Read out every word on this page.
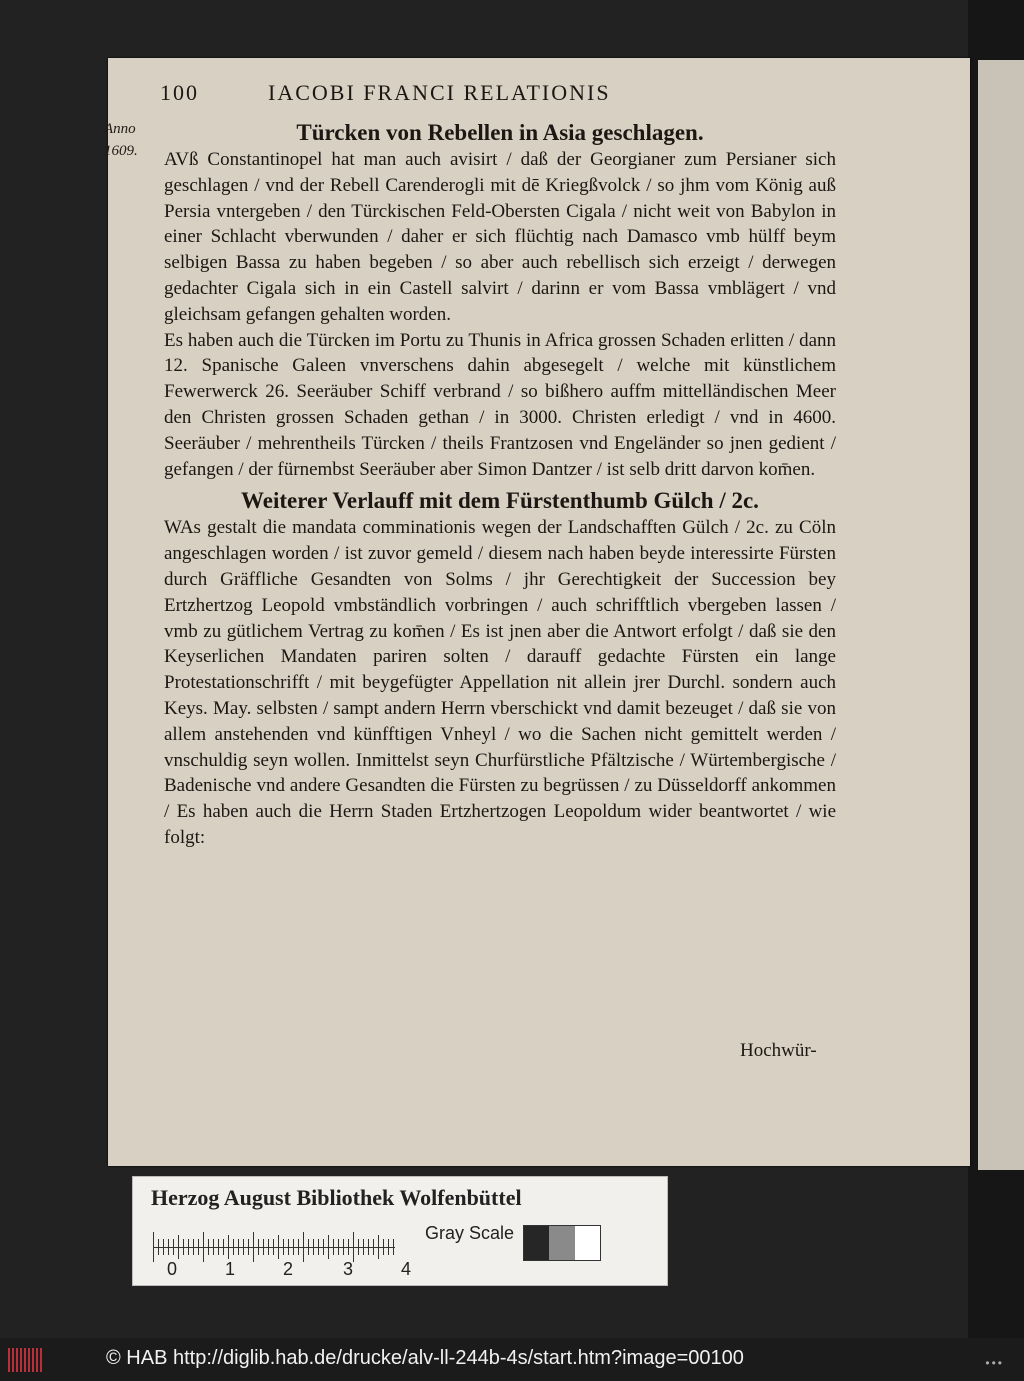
100	IACOBI FRANCI RELATIONIS
Anno
1609.
Türcken von Rebellen in Asia geschlagen.

AVß Constantinopel hat man auch avisirt / daß der Georgianer zum Persianer sich geschlagen / vnd der Rebell Carenderogli mit dē Kriegßvolck / so jhm vom König auß Persia vntergeben / den Türckischen Feld-Obersten Cigala / nicht weit von Babylon in einer Schlacht vberwunden / daher er sich flüchtig nach Damasco vmb hülff beym selbigen Bassa zu haben begeben / so aber auch rebellisch sich erzeigt / derwegen gedachter Cigala sich in ein Castell salvirt / darinn er vom Bassa vmblägert / vnd gleichsam gefangen gehalten worden.

Es haben auch die Türcken im Portu zu Thunis in Africa grossen Schaden erlitten / dann 12. Spanische Galeen vnverschens dahin abgesegelt / welche mit künstlichem Fewerwerck 26. Seeräuber Schiff verbrand / so bißhero auffm mittelländischen Meer den Christen grossen Schaden gethan / in 3000. Christen erledigt / vnd in 4600. Seeräuber / mehrentheils Türcken / theils Frantzosen vnd Engeländer so jnen gedient / gefangen / der fürnembst Seeräuber aber Simon Dantzer / ist selb dritt darvon kom̄en.

Weiterer Verlauff mit dem Fürstenthumb Gülch / 2c.

WAs gestalt die mandata comminationis wegen der Landschafften Gülch / 2c. zu Cöln angeschlagen worden / ist zuvor gemeld / diesem nach haben beyde interessirte Fürsten durch Gräffliche Gesandten von Solms / jhr Gerechtigkeit der Succession bey Ertzhertzog Leopold vmbständlich vorbringen / auch schrifftlich vbergeben lassen / vmb zu gütlichem Vertrag zu kom̄en / Es ist jnen aber die Antwort erfolgt / daß sie den Keyserlichen Mandaten pariren solten / darauff gedachte Fürsten ein lange Protestationschrifft / mit beygefügter Appellation nit allein jrer Durchl. sondern auch Keys. May. selbsten / sampt andern Herrn vberschickt vnd damit bezeuget / daß sie von allem anstehenden vnd künfftigen Vnheyl / wo die Sachen nicht gemittelt werden / vnschuldig seyn wollen. Inmittelst seyn Churfürstliche Pfältzische / Würtembergische / Badenische vnd andere Gesandten die Fürsten zu begrüssen / zu Düsseldorff ankommen / Es haben auch die Herrn Staden Ertzhertzogen Leopoldum wider beantwortet / wie folgt:

Hochwür-
Herzog August Bibliothek Wolfenbüttel
0	1	2	3	4
Gray Scale
© HAB http://diglib.hab.de/drucke/alv-ll-244b-4s/start.htm?image=00100	•••
